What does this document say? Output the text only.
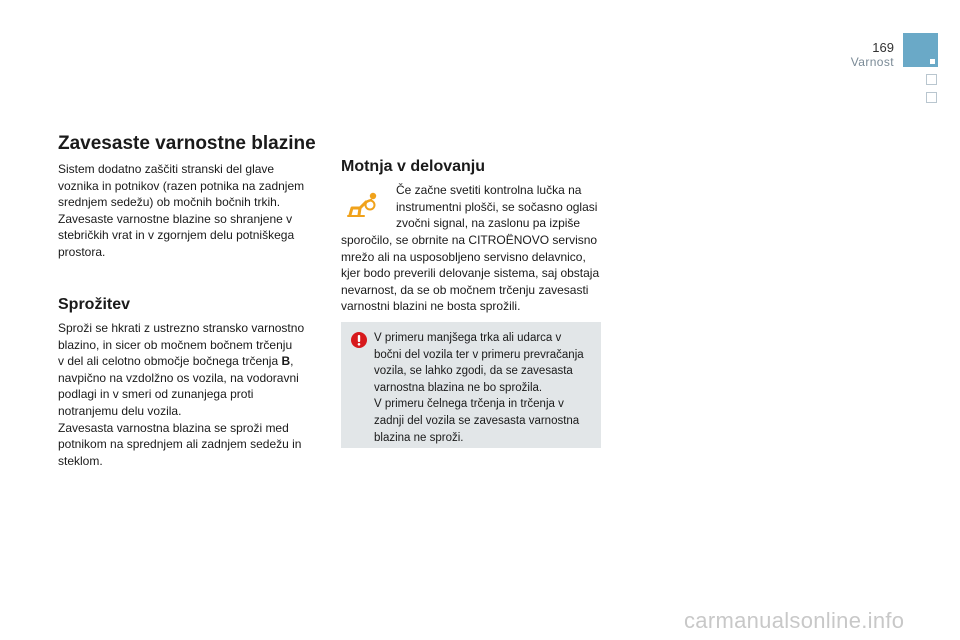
169
Varnost
Zavesaste varnostne blazine

Sistem dodatno zaščiti stranski del glave

voznika in potnikov (razen potnika na zadnjem

srednjem sedežu) ob močnih bočnih trkih.

Zavesaste varnostne blazine so shranjene v

stebričkih vrat in v zgornjem delu potniškega

prostora.

Sprožitev

Sproži se hkrati z ustrezno stransko varnostno

blazino, in sicer ob močnem bočnem trčenju

v del ali celotno območje bočnega trčenja B,

navpično na vzdolžno os vozila, na vodoravni

podlagi in v smeri od zunanjega proti

notranjemu delu vozila.

Zavesasta varnostna blazina se sproži med

potnikom na sprednjem ali zadnjem sedežu in

steklom.

Motnja v delovanju

Če začne svetiti kontrolna lučka na

instrumentni plošči, se sočasno oglasi

zvočni signal, na zaslonu pa izpiše

sporočilo, se obrnite na CITROËNOVO servisno

mrežo ali na usposobljeno servisno delavnico,

kjer bodo preverili delovanje sistema, saj obstaja

nevarnost, da se ob močnem trčenju zavesasti

varnostni blazini ne bosta sprožili.

V primeru manjšega trka ali udarca v

bočni del vozila ter v primeru prevračanja

vozila, se lahko zgodi, da se zavesasta

varnostna blazina ne bo sprožila.

V primeru čelnega trčenja in trčenja v

zadnji del vozila se zavesasta varnostna

blazina ne sproži.

carmanualsonline.info
